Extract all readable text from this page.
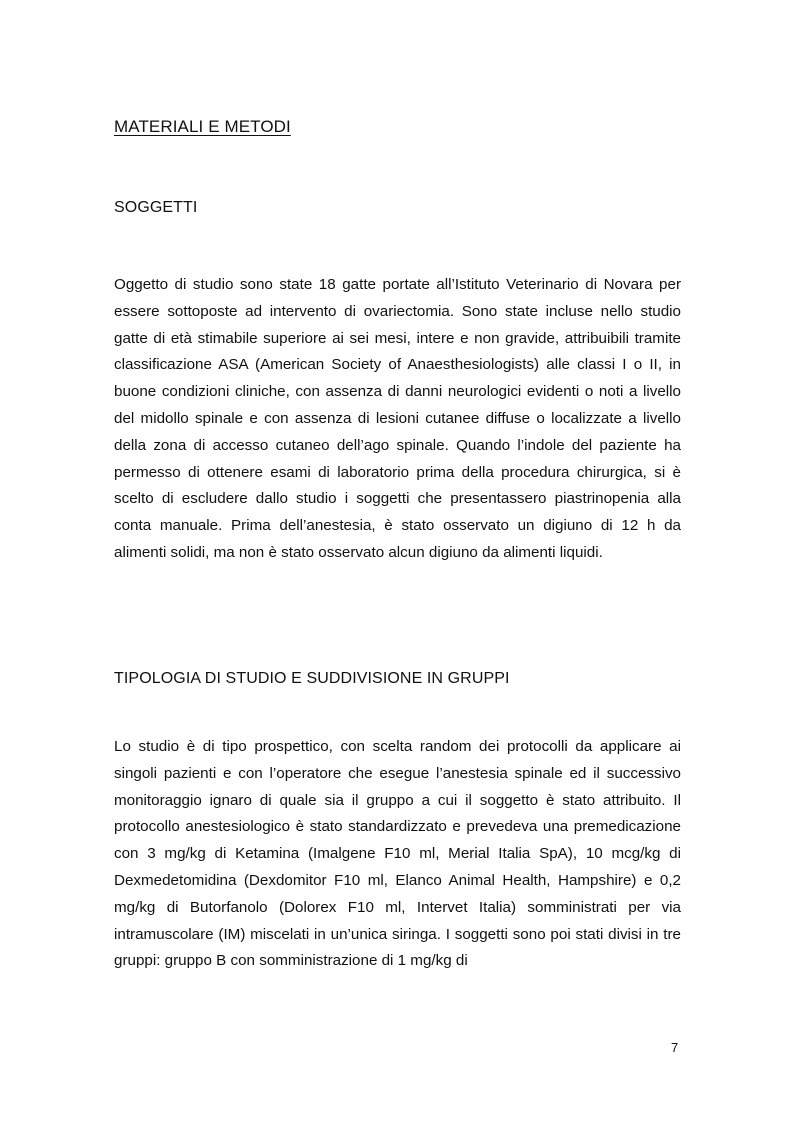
MATERIALI E METODI
SOGGETTI

Oggetto di studio sono state 18 gatte portate all’Istituto Veterinario di Novara per essere sottoposte ad intervento di ovariectomia. Sono state incluse nello studio gatte di età stimabile superiore ai sei mesi, intere e non gravide, attribuibili tramite classificazione ASA (American Society of Anaesthesiologists) alle classi I o II, in buone condizioni cliniche, con assenza di danni neurologici evidenti o noti a livello del midollo spinale e con assenza di lesioni cutanee diffuse o localizzate a livello della zona di accesso cutaneo dell’ago spinale. Quando l’indole del paziente ha permesso di ottenere esami di laboratorio prima della procedura chirurgica, si è scelto di escludere dallo studio i soggetti che presentassero piastrinopenia alla conta manuale. Prima dell’anestesia, è stato osservato un digiuno di 12 h da alimenti solidi, ma non è stato osservato alcun digiuno da alimenti liquidi.

TIPOLOGIA DI STUDIO E SUDDIVISIONE IN GRUPPI

Lo studio è di tipo prospettico, con scelta random dei protocolli da applicare ai singoli pazienti e con l’operatore che esegue l’anestesia spinale ed il successivo monitoraggio ignaro di quale sia il gruppo a cui il soggetto è stato attribuito. Il protocollo anestesiologico è stato standardizzato e prevedeva una premedicazione con 3 mg/kg di Ketamina (Imalgene F10 ml, Merial Italia SpA), 10 mcg/kg di Dexmedetomidina (Dexdomitor F10 ml, Elanco Animal Health, Hampshire) e 0,2 mg/kg di Butorfanolo (Dolorex F10 ml, Intervet Italia) somministrati per via intramuscolare (IM) miscelati in un’unica siringa. I soggetti sono poi stati divisi in tre gruppi: gruppo B con somministrazione di 1 mg/kg di

7
